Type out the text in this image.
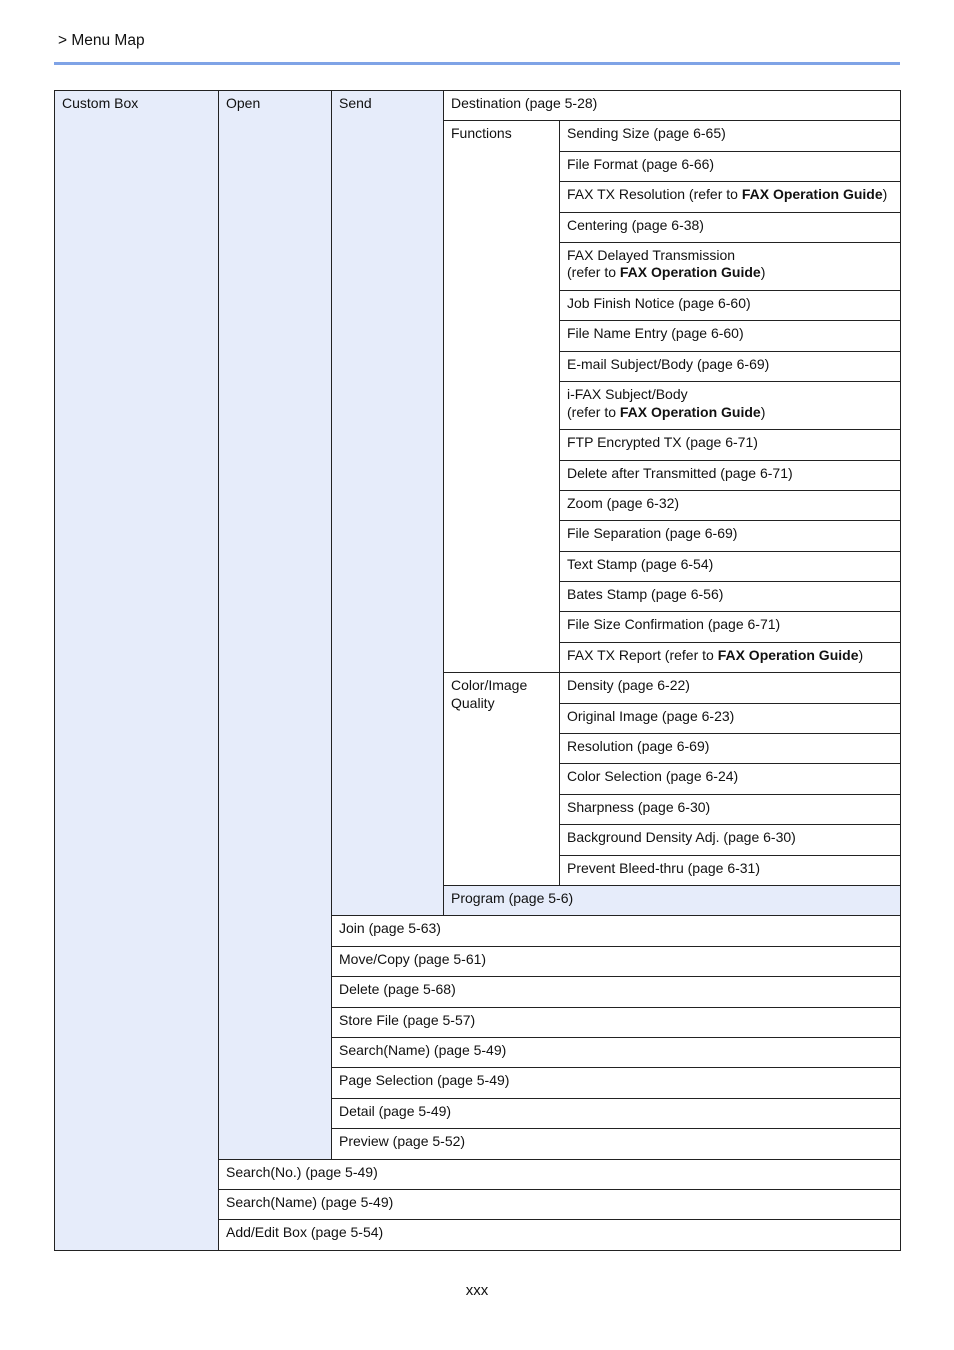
> Menu Map
Custom Box	Open	Send	Destination (page 5-28)	
			Functions	Sending Size (page 6-65)
				File Format (page 6-66)
				FAX TX Resolution (refer to FAX Operation Guide)
				Centering (page 6-38)
				FAX Delayed Transmission
(refer to FAX Operation Guide)
				Job Finish Notice (page 6-60)
				File Name Entry (page 6-60)
				E-mail Subject/Body (page 6-69)
				i-FAX Subject/Body
(refer to FAX Operation Guide)
				FTP Encrypted TX (page 6-71)
				Delete after Transmitted (page 6-71)
				Zoom (page 6-32)
				File Separation (page 6-69)
				Text Stamp (page 6-54)
				Bates Stamp (page 6-56)
				File Size Confirmation (page 6-71)
				FAX TX Report (refer to FAX Operation Guide)
			Color/Image Quality	Density (page 6-22)
				Original Image (page 6-23)
				Resolution (page 6-69)
				Color Selection (page 6-24)
				Sharpness (page 6-30)
				Background Density Adj. (page 6-30)
				Prevent Bleed-thru (page 6-31)
			Program (page 5-6)	
		Join (page 5-63)		
		Move/Copy (page 5-61)		
		Delete (page 5-68)		
		Store File (page 5-57)		
		Search(Name) (page 5-49)		
		Page Selection (page 5-49)		
		Detail (page 5-49)		
		Preview (page 5-52)		
	Search(No.) (page 5-49)			
	Search(Name) (page 5-49)			
	Add/Edit Box (page 5-54)			
xxx
